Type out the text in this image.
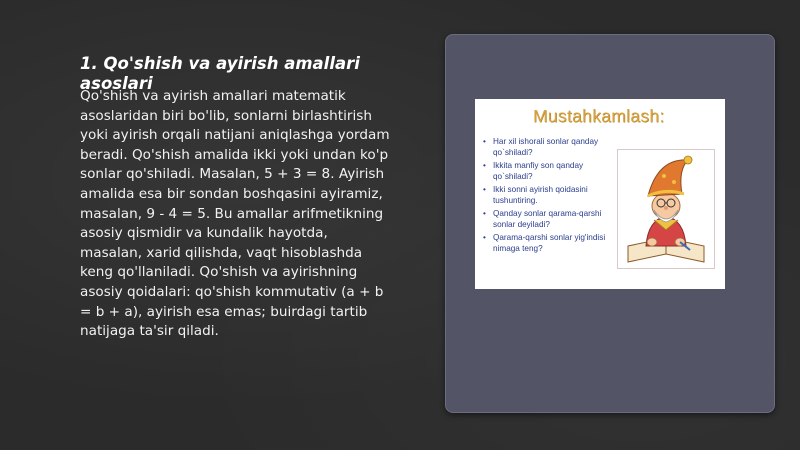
1. Qo'shish va ayirish amallari asoslari

Qo'shish va ayirish amallari matematik
asoslaridan biri bo'lib, sonlarni birlashtirish
yoki ayirish orqali natijani aniqlashga yordam
beradi. Qo'shish amalida ikki yoki undan ko'p
sonlar qo'shiladi. Masalan, 5 + 3 = 8. Ayirish
amalida esa bir sondan boshqasini ayiramiz,
masalan, 9 - 4 = 5. Bu amallar arifmetikning
asosiy qismidir va kundalik hayotda,
masalan, xarid qilishda, vaqt hisoblashda
keng qo'llaniladi. Qo'shish va ayirishning
asosiy qoidalari: qo'shish kommutativ (a + b
= b + a), ayirish esa emas; buirdagi tartib
natijaga ta'sir qiladi.

Mustahkamlash:
• Har xil ishorali sonlar qanday qo`shiladi?
• Ikkita manfiy son qanday qo`shiladi?
• Ikki sonni ayirish qoidasini tushuntiring.
• Qanday sonlar qarama-qarshi sonlar deyiladi?
• Qarama-qarshi sonlar yig'indisi nimaga teng?
